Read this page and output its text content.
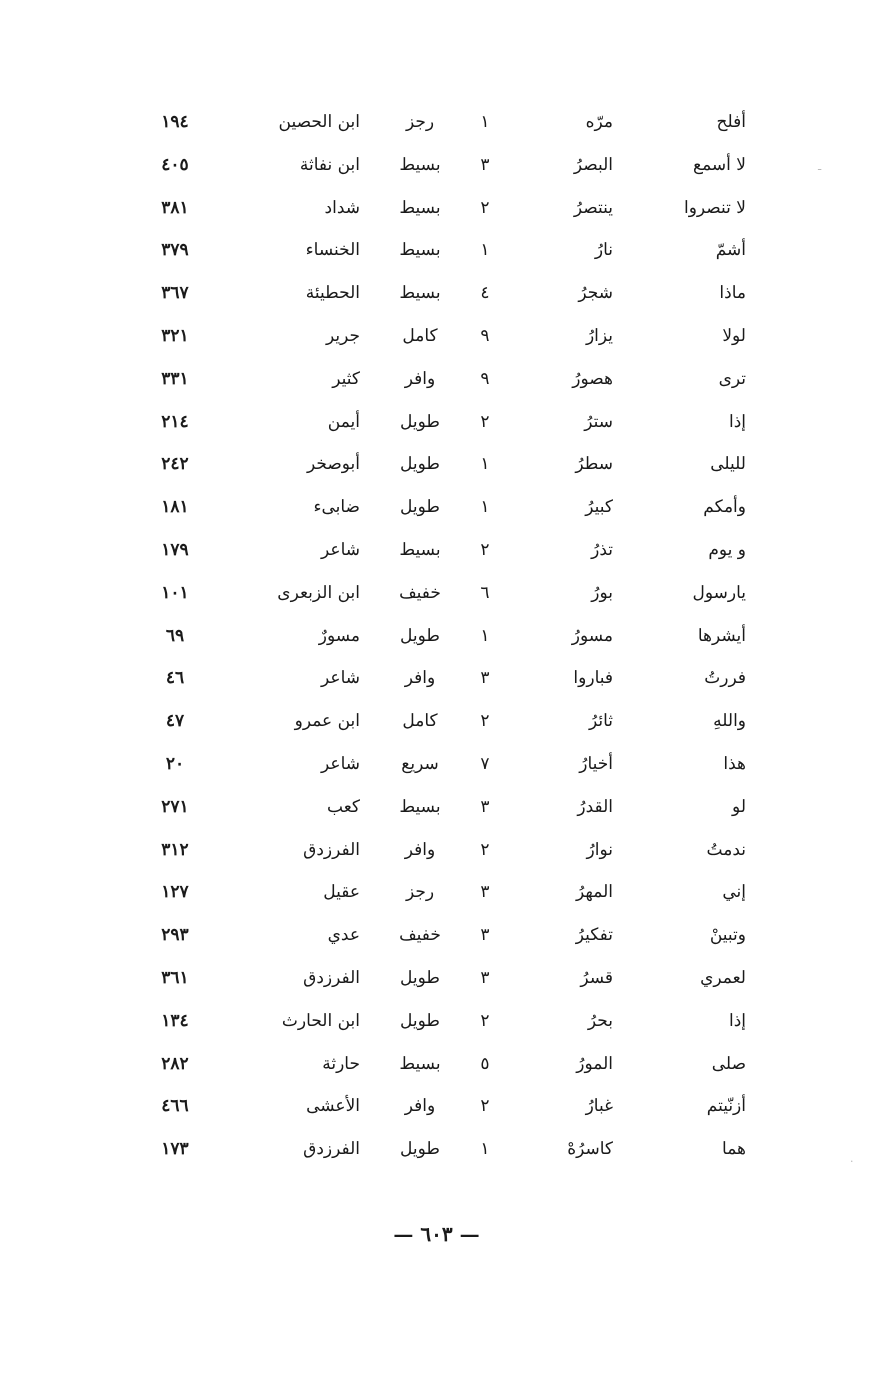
أفلح
مرّه
١
رجز
ابن الحصين
١٩٤
لا أسمع
البصرُ
٣
بسيط
ابن نفاثة
٤٠٥
لا تنصروا
ينتصرُ
٢
بسيط
شداد
٣٨١
أشمّ
نارُ
١
بسيط
الخنساء
٣٧٩
ماذا
شجرُ
٤
بسيط
الحطيئة
٣٦٧
لولا
يزارُ
٩
كامل
جرير
٣٢١
ترى
هصورُ
٩
وافر
كثير
٣٣١
إذا
سترُ
٢
طويل
أيمن
٢١٤
لليلى
سطرُ
١
طويل
أبوصخر
٢٤٢
وأمكم
كبيرُ
١
طويل
ضابىء
١٨١
و يوم
تذرُ
٢
بسيط
شاعر
١٧٩
يارسول
بورُ
٦
خفيف
ابن الزبعرى
١٠١
أيشرها
مسورُ
١
طويل
مسورٌ
٦٩
فررتُ
فباروا
٣
وافر
شاعر
٤٦
واللهِ
ثائرُ
٢
كامل
ابن عمرو
٤٧
هذا
أخيارُ
٧
سريع
شاعر
٢٠
لو
القدرُ
٣
بسيط
كعب
٢٧١
ندمتُ
نوارُ
٢
وافر
الفرزدق
٣١٢
إني
المهرُ
٣
رجز
عقيل
١٢٧
وتبينْ
تفكيرُ
٣
خفيف
عدي
٢٩٣
لعمري
قسرُ
٣
طويل
الفرزدق
٣٦١
إذا
بحرُ
٢
طويل
ابن الحارث
١٣٤
صلى
المورُ
٥
بسيط
حارثة
٢٨٢
أزنّيتم
غبارُ
٢
وافر
الأعشى
٤٦٦
هما
كاسرُهْ
١
طويل
الفرزدق
١٧٣
— ٦٠٣ —
ـ
·
